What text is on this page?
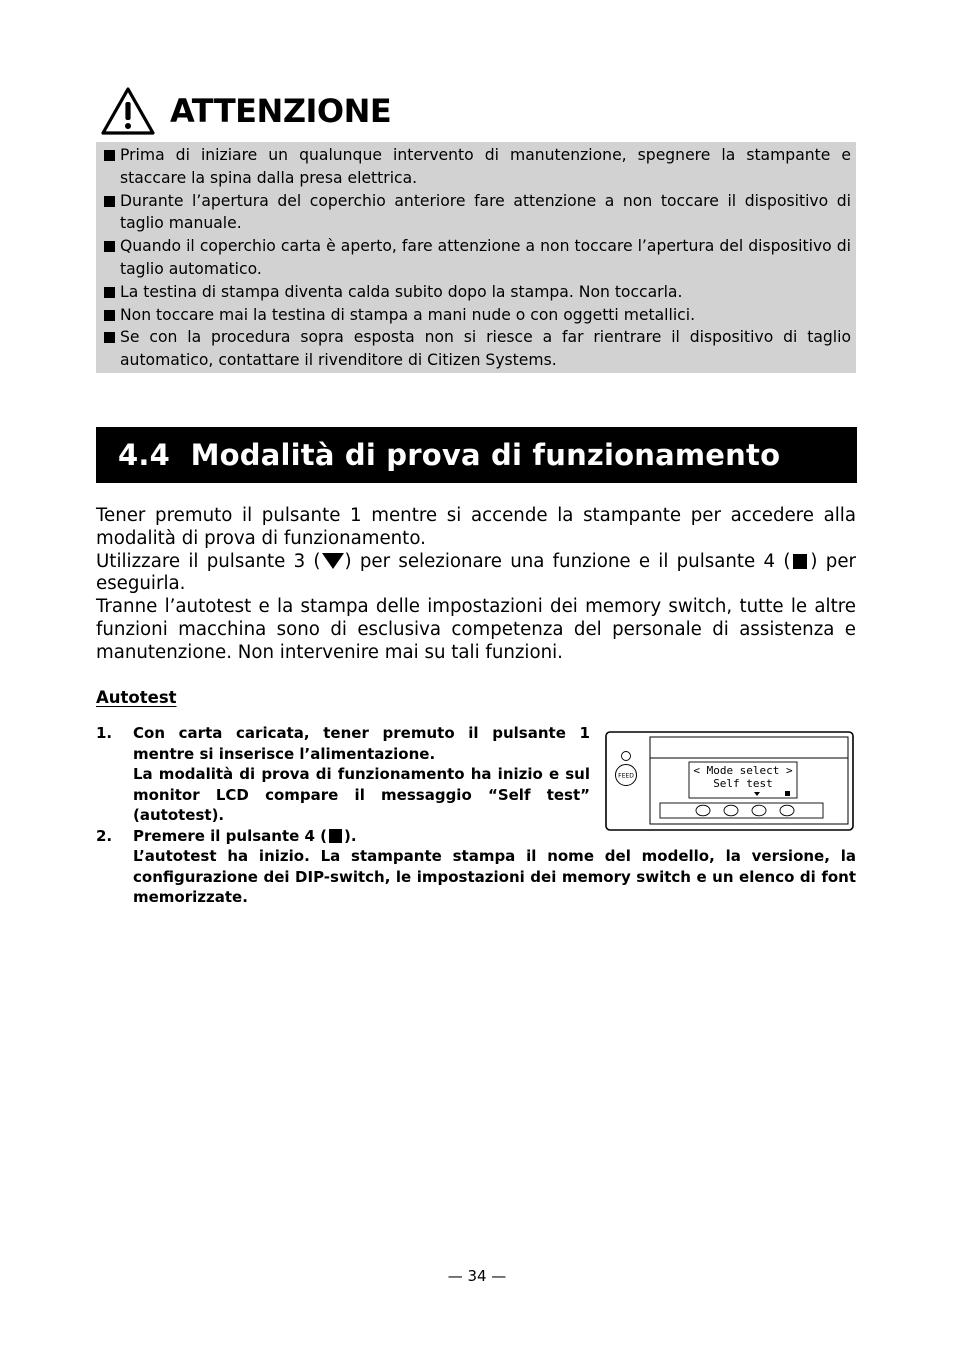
ATTENZIONE
Prima di iniziare un qualunque intervento di manutenzione, spegnere la stampante e staccare la spina dalla presa elettrica.
Durante l’apertura del coperchio anteriore fare attenzione a non toccare il dispositivo di taglio manuale.
Quando il coperchio carta è aperto, fare attenzione a non toccare l’apertura del dispositivo di taglio automatico.
La testina di stampa diventa calda subito dopo la stampa. Non toccarla.
Non toccare mai la testina di stampa a mani nude o con oggetti metallici.
Se con la procedura sopra esposta non si riesce a far rientrare il dispositivo di taglio automatico, contattare il rivenditore di Citizen Systems.
4.4  Modalità di prova di funzionamento

Tener premuto il pulsante 1 mentre si accende la stampante per accedere alla modalità di prova di funzionamento.

Utilizzare il pulsante 3 ( ) per selezionare una funzione e il pulsante 4 ( ) per eseguirla.

Tranne l’autotest e la stampa delle impostazioni dei memory switch, tutte le altre funzioni macchina sono di esclusiva competenza del personale di assistenza e manutenzione. Non intervenire mai su tali funzioni.

Autotest
1. Con carta caricata, tener premuto il pulsante 1 mentre si inserisce l’alimentazione.

La modalità di prova di funzionamento ha inizio e sul monitor LCD compare il messaggio “Self test” (autotest).

2. Premere il pulsante 4 ( ).

L’autotest ha inizio. La stampante stampa il nome del modello, la versione, la configurazione dei DIP-switch, le impostazioni dei memory switch e un elenco di font memorizzate.

FEED	< Mode select >
Self test
— 34 —
